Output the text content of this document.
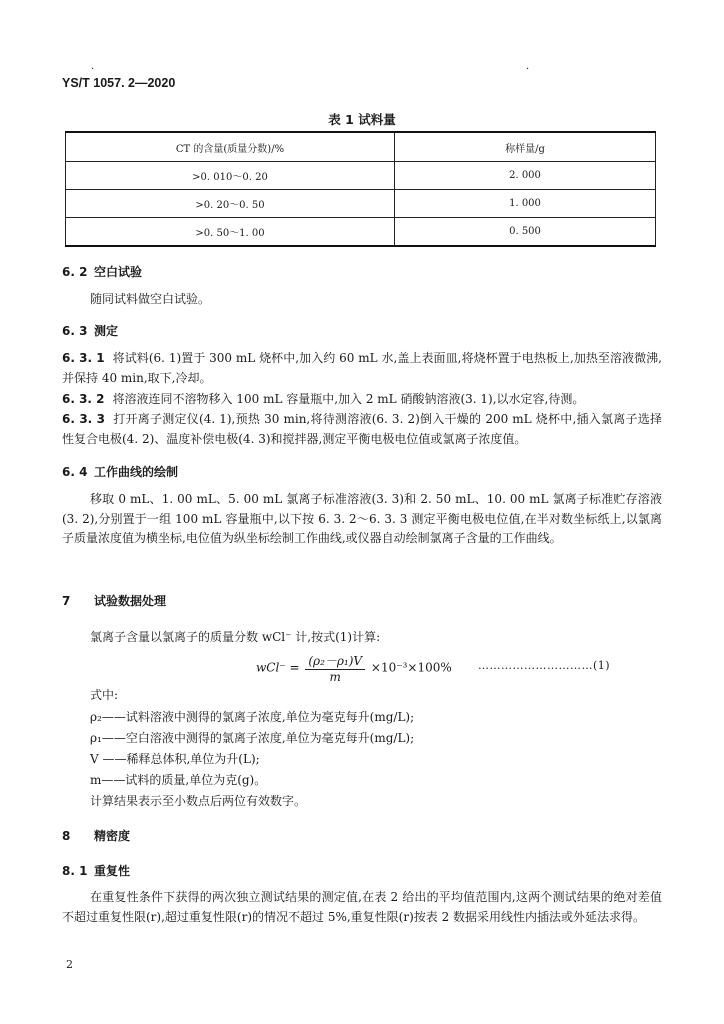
·	·
YS/T 1057. 2—2020
表 1 试料量
CT 的含量(质量分数)/%	称样量/g
>0. 010～0. 20	2. 000
>0. 20～0. 50	1. 000
>0. 50～1. 00	0. 500
6. 2 空白试验
随同试料做空白试验。
6. 3 测定
6. 3. 1 将试料(6. 1)置于 300 mL 烧杯中,加入约 60 mL 水,盖上表面皿,将烧杯置于电热板上,加热至溶液微沸,并保持 40 min,取下,冷却。
6. 3. 2 将溶液连同不溶物移入 100 mL 容量瓶中,加入 2 mL 硝酸钠溶液(3. 1),以水定容,待测。
6. 3. 3 打开离子测定仪(4. 1),预热 30 min,将待测溶液(6. 3. 2)倒入干燥的 200 mL 烧杯中,插入氯离子选择性复合电极(4. 2)、温度补偿电极(4. 3)和搅拌器,测定平衡电极电位值或氯离子浓度值。
6. 4 工作曲线的绘制
移取 0 mL、1. 00 mL、5. 00 mL 氯离子标准溶液(3. 3)和 2. 50 mL、10. 00 mL 氯离子标准贮存溶液(3. 2),分别置于一组 100 mL 容量瓶中,以下按 6. 3. 2～6. 3. 3 测定平衡电极电位值,在半对数坐标纸上,以氯离子质量浓度值为横坐标,电位值为纵坐标绘制工作曲线,或仪器自动绘制氯离子含量的工作曲线。
7 试验数据处理
氯离子含量以氯离子的质量分数 wCl⁻ 计,按式(1)计算:
$wCl^- = \frac{\text{(ρ₂－ρ₁)V}}{m} \times 10^{-3}\times 100\%$ …………………………(1)
式中:
ρ₂——试料溶液中测得的氯离子浓度,单位为毫克每升(mg/L);
ρ₁——空白溶液中测得的氯离子浓度,单位为毫克每升(mg/L);
V ——稀释总体积,单位为升(L);
m——试料的质量,单位为克(g)。
计算结果表示至小数点后两位有效数字。
8 精密度
8. 1 重复性
在重复性条件下获得的两次独立测试结果的测定值,在表 2 给出的平均值范围内,这两个测试结果的绝对差值不超过重复性限(r),超过重复性限(r)的情况不超过 5%,重复性限(r)按表 2 数据采用线性内插法或外延法求得。
2
